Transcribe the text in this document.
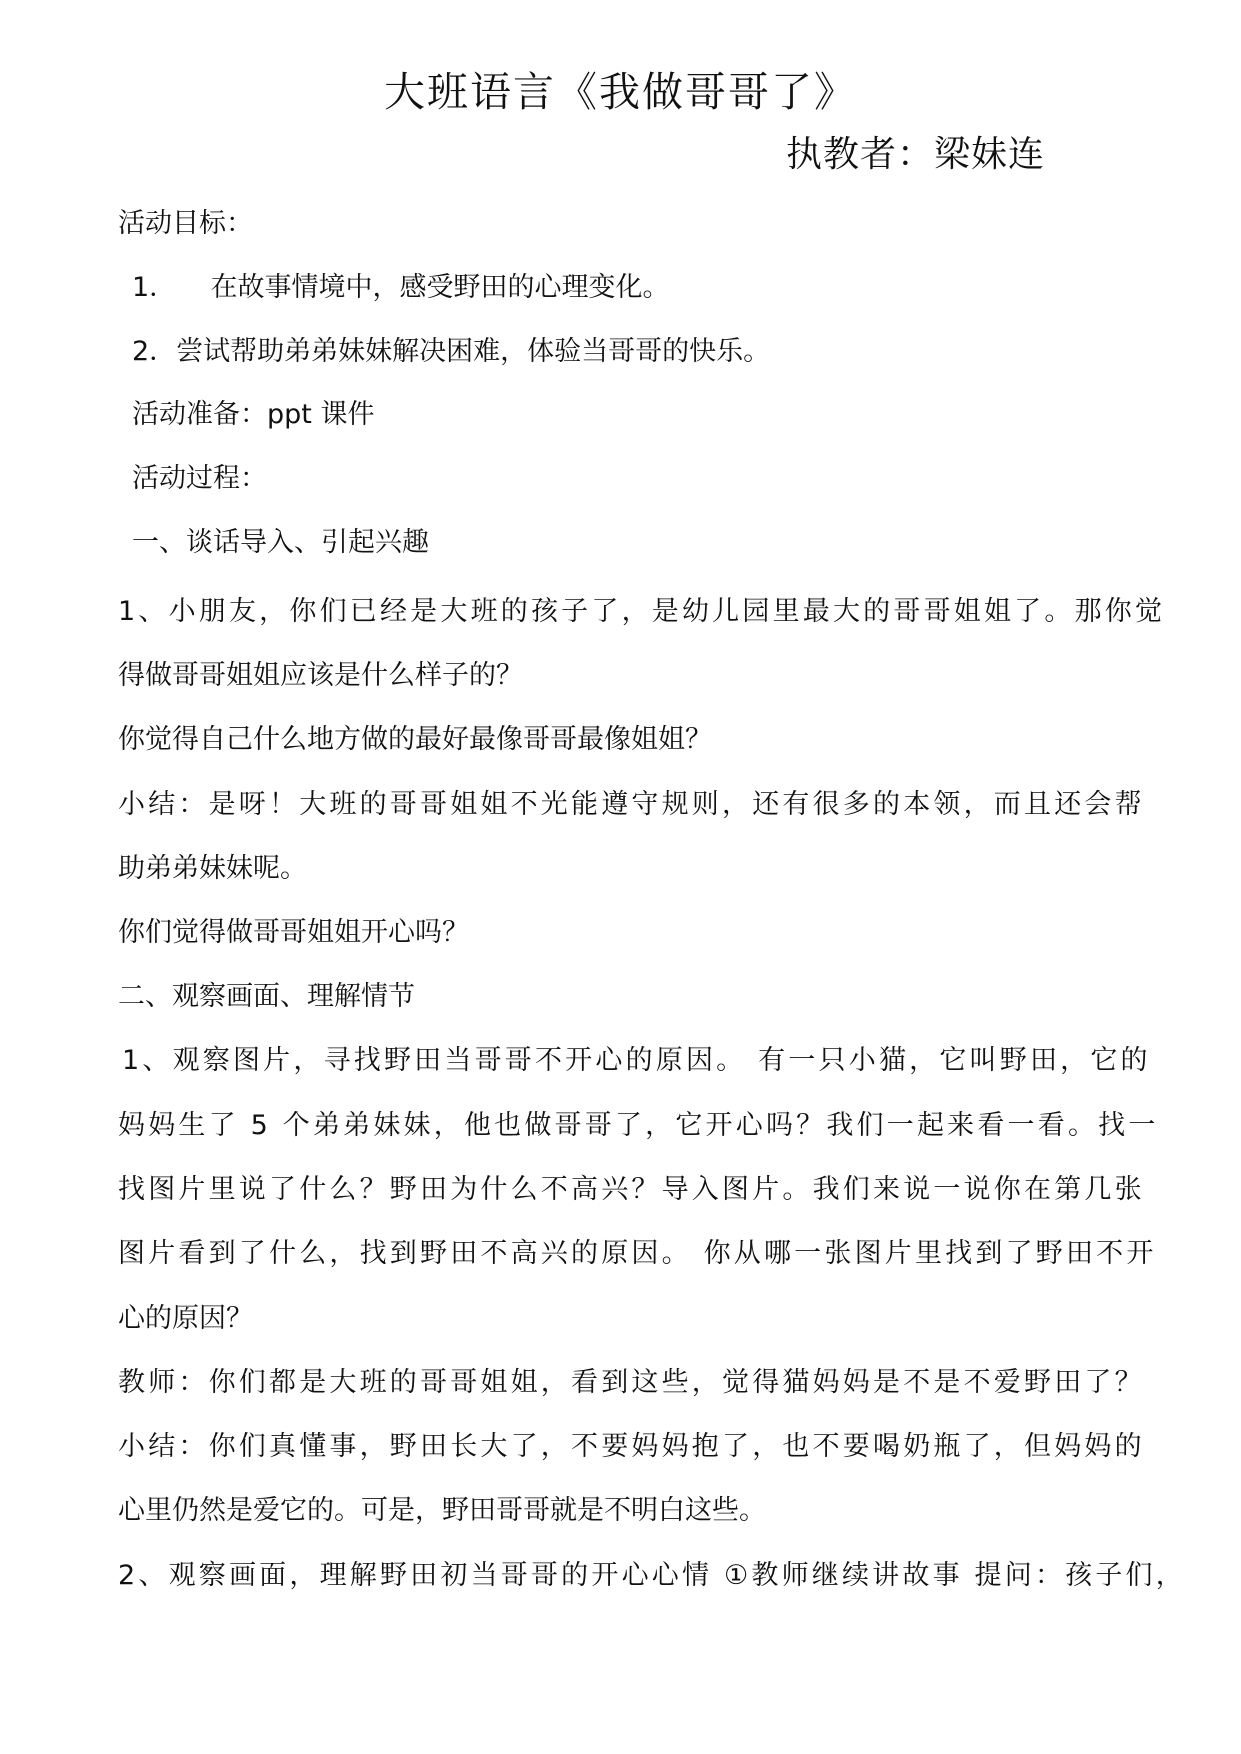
大班语言《我做哥哥了》
执教者：梁妹连
活动目标：
1．    在故事情境中，感受野田的心理变化。
2．尝试帮助弟弟妹妹解决困难，体验当哥哥的快乐。
活动准备：ppt 课件
活动过程：
一、谈话导入、引起兴趣
1、小朋友，你们已经是大班的孩子了，是幼儿园里最大的哥哥姐姐了。那你觉
得做哥哥姐姐应该是什么样子的？
你觉得自己什么地方做的最好最像哥哥最像姐姐？
小结：是呀！大班的哥哥姐姐不光能遵守规则，还有很多的本领，而且还会帮
助弟弟妹妹呢。
你们觉得做哥哥姐姐开心吗？
二、观察画面、理解情节
1、观察图片，寻找野田当哥哥不开心的原因。 有一只小猫，它叫野田，它的
妈妈生了 5 个弟弟妹妹，他也做哥哥了，它开心吗？我们一起来看一看。找一
找图片里说了什么？野田为什么不高兴？导入图片。我们来说一说你在第几张
图片看到了什么，找到野田不高兴的原因。 你从哪一张图片里找到了野田不开
心的原因？
教师：你们都是大班的哥哥姐姐，看到这些，觉得猫妈妈是不是不爱野田了？
小结：你们真懂事，野田长大了，不要妈妈抱了，也不要喝奶瓶了，但妈妈的
心里仍然是爱它的。可是，野田哥哥就是不明白这些。
2、观察画面，理解野田初当哥哥的开心心情 ①教师继续讲故事 提问：孩子们，
